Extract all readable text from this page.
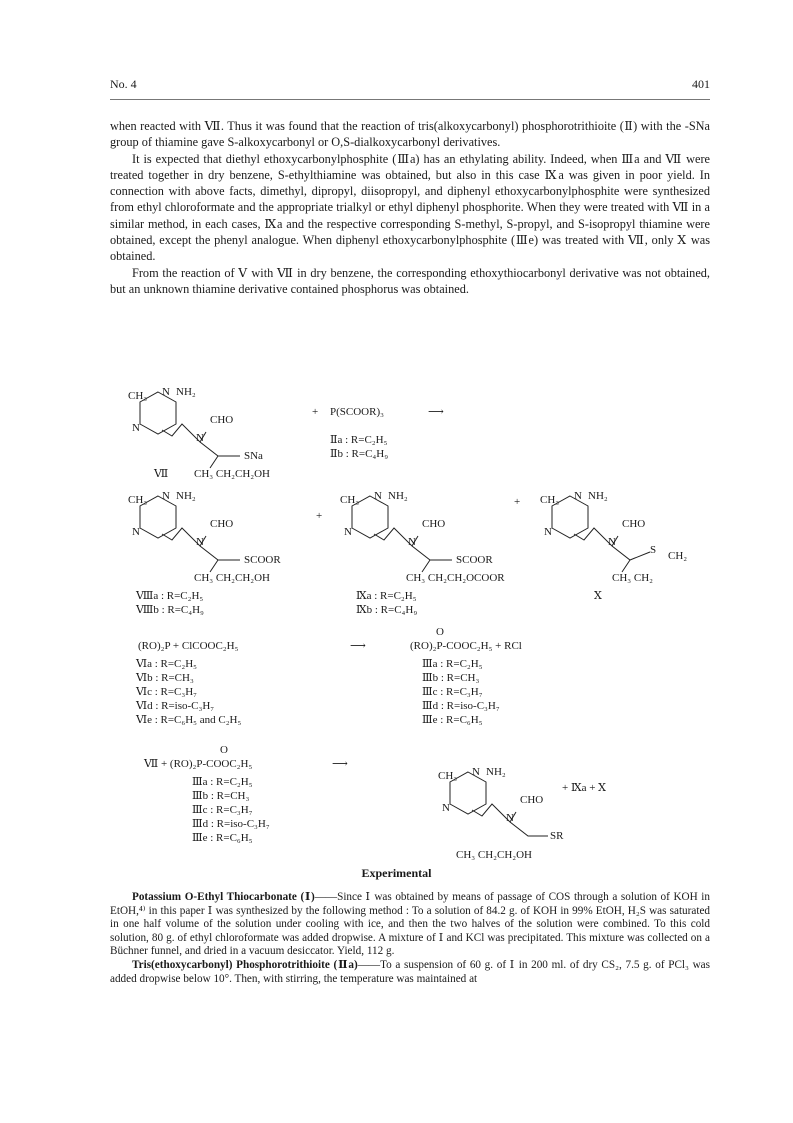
No. 4	401

when reacted with Ⅶ. Thus it was found that the reaction of tris(alkoxycarbonyl) phosphorotrithioite (Ⅱ) with the -SNa group of thiamine gave S-alkoxycarbonyl or O,S-dialkoxycarbonyl derivatives.

It is expected that diethyl ethoxycarbonylphosphite (Ⅲa) has an ethylating ability. Indeed, when Ⅲa and Ⅶ were treated together in dry benzene, S-ethylthiamine was obtained, but also in this case Ⅸa was given in poor yield. In connection with above facts, dimethyl, dipropyl, diisopropyl, and diphenyl ethoxycarbonylphosphite were synthesized from ethyl chloroformate and the appropriate trialkyl or ethyl diphenyl phosphorite. When they were treated with Ⅶ in a similar method, in each cases, Ⅸa and the respective corresponding S-methyl, S-propyl, and S-isopropyl thiamine were obtained, except the phenyl analogue. When diphenyl ethoxycarbonylphosphite (Ⅲe) was treated with Ⅶ, only Ⅹ was obtained.

From the reaction of Ⅴ with Ⅶ in dry benzene, the corresponding ethoxythiocarbonyl derivative was not obtained, but an unknown thiamine derivative contained phosphorus was obtained.

CH₃ N NH₂
N
CHO
N
SNa
Ⅶ CH₃ CH₂CH₂OH
+ P(SCOOR)₃	⟶
Ⅱa : R=C₂H₅
Ⅱb : R=C₄H₉
CH₃ N NH₂
N
CHO
N
SCOOR
CH₃ CH₂CH₂OH
Ⅷa : R=C₂H₅
Ⅷb : R=C₄H₉
+
CH₃ N NH₂
N
CHO
N
SCOOR
CH₃ CH₂CH₂OCOOR
Ⅸa : R=C₂H₅
Ⅸb : R=C₄H₉
+ CH₃ N NH₂
N
CHO
N
S CH₂
CH₃ CH₂
Ⅹ
(RO)₂P + ClCOOC₂H₅	⟶
O
(RO)₂P-COOC₂H₅ + RCl
Ⅵa : R=C₂H₅
Ⅵb : R=CH₃
Ⅵc : R=C₃H₇
Ⅵd : R=iso-C₃H₇
Ⅵe : R=C₆H₅ and C₂H₅
Ⅲa : R=C₂H₅
Ⅲb : R=CH₃
Ⅲc : R=C₃H₇
Ⅲd : R=iso-C₃H₇
Ⅲe : R=C₆H₅
O
Ⅶ + (RO)₂P-COOC₂H₅	⟶
Ⅲa : R=C₂H₅
Ⅲb : R=CH₃
Ⅲc : R=C₃H₇
Ⅲd : R=iso-C₃H₇
Ⅲe : R=C₆H₅
CH₃ N NH₂
N
CHO
N
SR
+ Ⅸa + Ⅹ
CH₃ CH₂CH₂OH
Experimental

Potassium O-Ethyl Thiocarbonate (Ⅰ)——Since Ⅰ was obtained by means of passage of COS through a solution of KOH in EtOH,⁴⁾ in this paper Ⅰ was synthesized by the following method : To a solution of 84.2 g. of KOH in 99% EtOH, H₂S was saturated in one half volume of the solution under cooling with ice, and then the two halves of the solution were combined. To this cold solution, 80 g. of ethyl chloroformate was added dropwise. A mixture of Ⅰ and KCl was precipitated. This mixture was collected on a Büchner funnel, and dried in a vacuum desiccator. Yield, 112 g.

Tris(ethoxycarbonyl) Phosphorotrithioite (Ⅱa)——To a suspension of 60 g. of Ⅰ in 200 ml. of dry CS₂, 7.5 g. of PCl₃ was added dropwise below 10°. Then, with stirring, the temperature was maintained at
